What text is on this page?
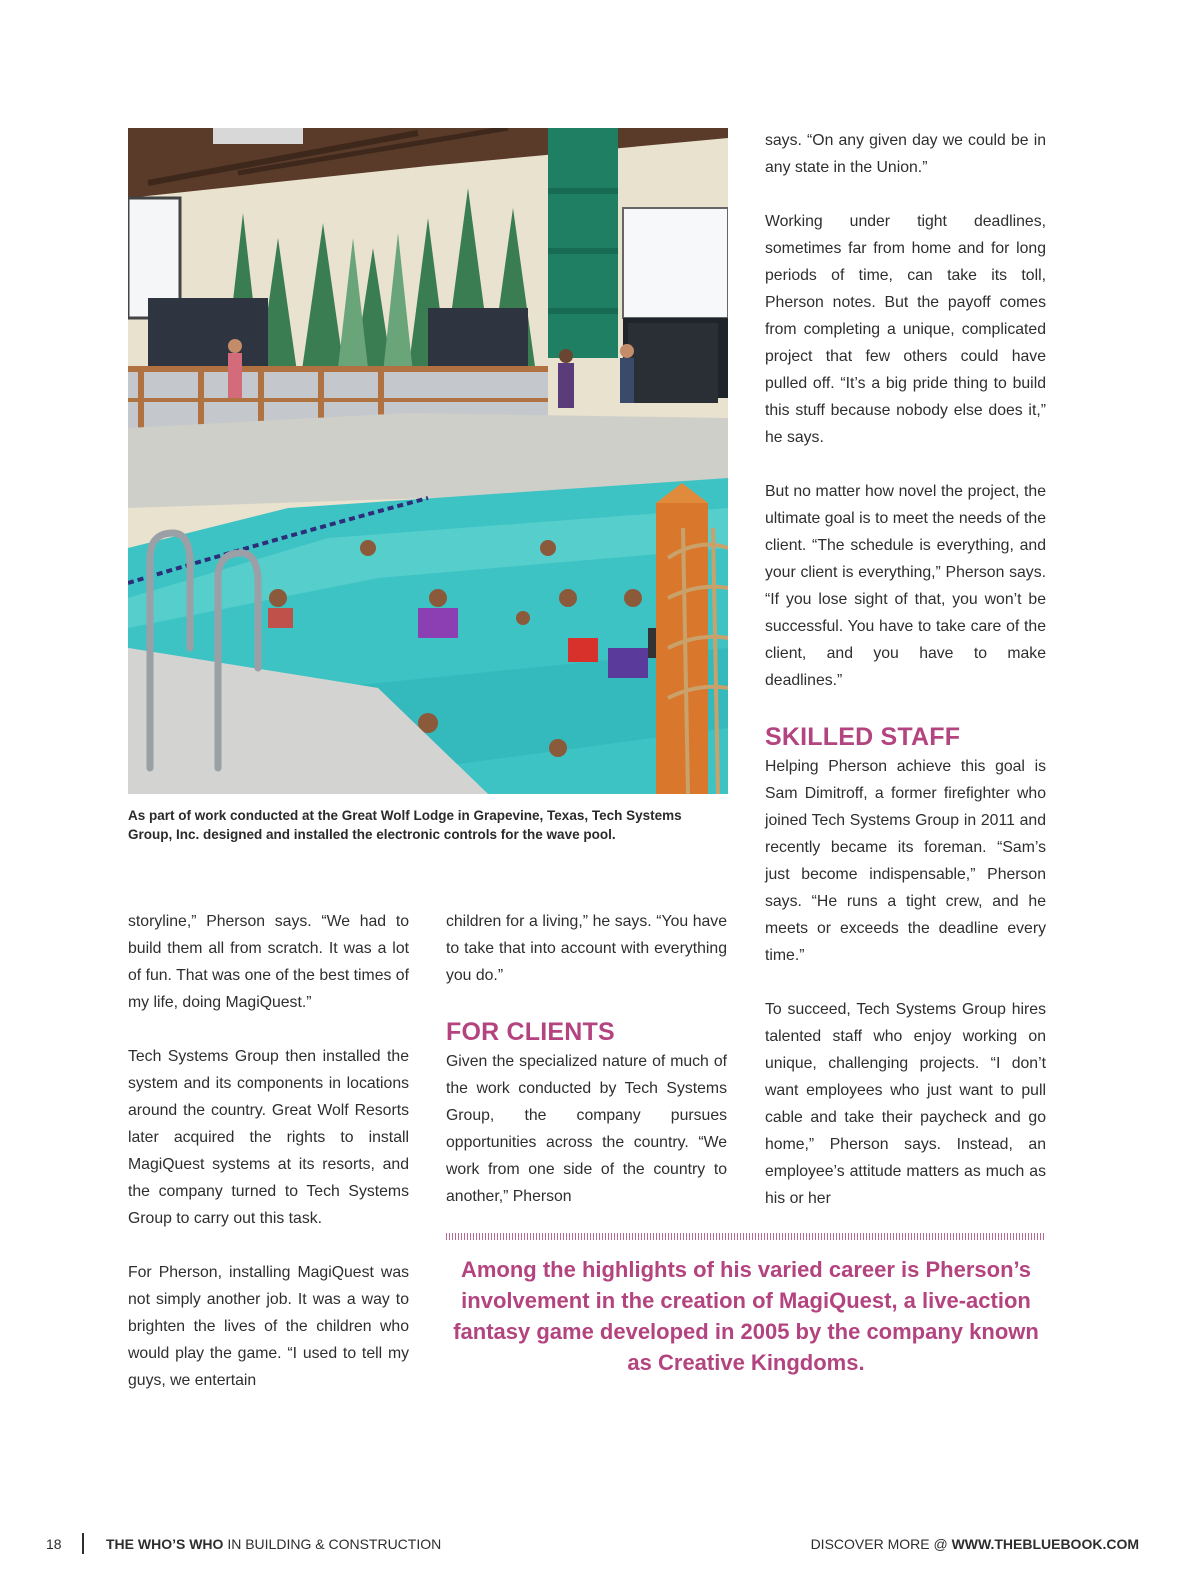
As part of work conducted at the Great Wolf Lodge in Grapevine, Texas, Tech Systems Group, Inc. designed and installed the electronic controls for the wave pool.

storyline,” Pherson says. “We had to build them all from scratch. It was a lot of fun. That was one of the best times of my life, doing MagiQuest.”

Tech Systems Group then installed the system and its components in locations around the country. Great Wolf Resorts later acquired the rights to install MagiQuest systems at its resorts, and the company turned to Tech Systems Group to carry out this task.

For Pherson, installing MagiQuest was not simply another job. It was a way to brighten the lives of the children who would play the game. “I used to tell my guys, we entertain

children for a living,” he says. “You have to take that into account with everything you do.”

FOR CLIENTS

Given the specialized nature of much of the work conducted by Tech Systems Group, the company pursues opportunities across the country. “We work from one side of the country to another,” Pherson

says. “On any given day we could be in any state in the Union.”

Working under tight deadlines, sometimes far from home and for long periods of time, can take its toll, Pherson notes. But the payoff comes from completing a unique, complicated project that few others could have pulled off. “It’s a big pride thing to build this stuff because nobody else does it,” he says.

But no matter how novel the project, the ultimate goal is to meet the needs of the client. “The schedule is everything, and your client is everything,” Pherson says. “If you lose sight of that, you won’t be successful. You have to take care of the client, and you have to make deadlines.”

SKILLED STAFF

Helping Pherson achieve this goal is Sam Dimitroff, a former firefighter who joined Tech Systems Group in 2011 and recently became its foreman. “Sam’s just become indispensable,” Pherson says. “He runs a tight crew, and he meets or exceeds the deadline every time.”

To succeed, Tech Systems Group hires talented staff who enjoy working on unique, challenging projects. “I don’t want employees who just want to pull cable and take their paycheck and go home,” Pherson says. Instead, an employee’s attitude matters as much as his or her

Among the highlights of his varied career is Pherson’s involvement in the creation of MagiQuest, a live-action fantasy game developed in 2005 by the company known as Creative Kingdoms.
18	THE WHO’S WHO IN BUILDING & CONSTRUCTION	DISCOVER MORE @ WWW.THEBLUEBOOK.COM
